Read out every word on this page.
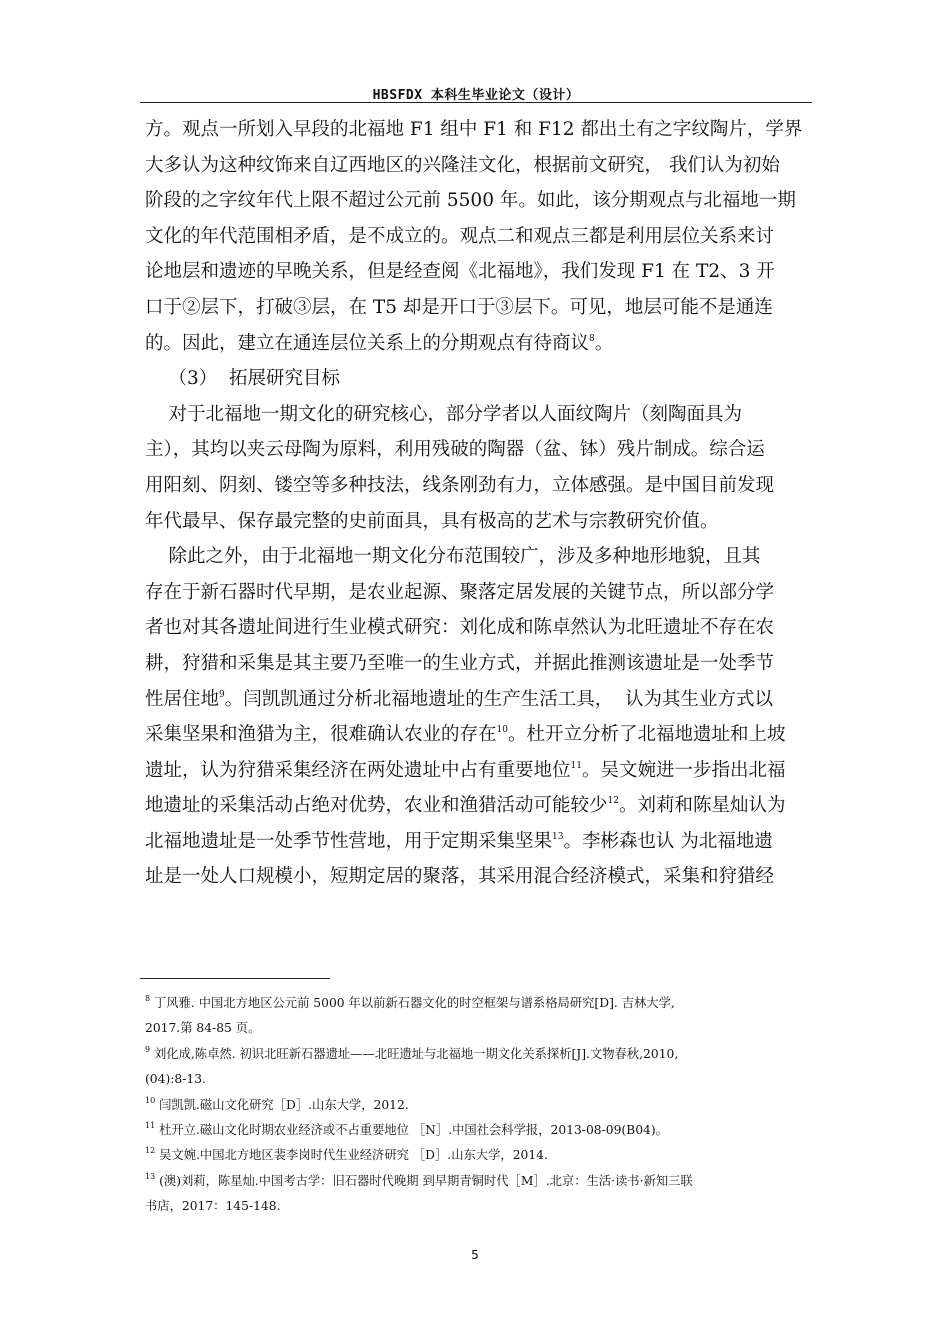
HBSFDX 本科生毕业论文（设计）
方。观点一所划入早段的北福地 F1 组中 F1 和 F12 都出土有之字纹陶片，学界
大多认为这种纹饰来自辽西地区的兴隆洼文化，根据前文研究， 我们认为初始
阶段的之字纹年代上限不超过公元前 5500 年。如此，该分期观点与北福地一期
文化的年代范围相矛盾，是不成立的。观点二和观点三都是利用层位关系来讨
论地层和遗迹的早晚关系，但是经查阅《北福地》，我们发现 F1 在 T2、3 开
口于②层下，打破③层，在 T5 却是开口于③层下。可见，地层可能不是通连
的。因此，建立在通连层位关系上的分期观点有待商议$^8$。
（3）  拓展研究目标
对于北福地一期文化的研究核心，部分学者以人面纹陶片（刻陶面具为
主），其均以夹云母陶为原料，利用残破的陶器（盆、钵）残片制成。综合运
用阳刻、阴刻、镂空等多种技法，线条刚劲有力，立体感强。是中国目前发现
年代最早、保存最完整的史前面具，具有极高的艺术与宗教研究价值。
除此之外，由于北福地一期文化分布范围较广，涉及多种地形地貌，且其
存在于新石器时代早期，是农业起源、聚落定居发展的关键节点，所以部分学
者也对其各遗址间进行生业模式研究：刘化成和陈卓然认为北旺遗址不存在农
耕，狩猎和采集是其主要乃至唯一的生业方式，并据此推测该遗址是一处季节
性居住地$^9$。闫凯凯通过分析北福地遗址的生产生活工具，  认为其生业方式以
采集坚果和渔猎为主，很难确认农业的存在$^{10}$。杜开立分析了北福地遗址和上坡
遗址，认为狩猎采集经济在两处遗址中占有重要地位$^{11}$。吴文婉进一步指出北福
地遗址的采集活动占绝对优势，农业和渔猎活动可能较少$^{12}$。刘莉和陈星灿认为
北福地遗址是一处季节性营地，用于定期采集坚果$^{13}$。李彬森也认 为北福地遗
址是一处人口规模小，短期定居的聚落，其采用混合经济模式，采集和狩猎经
$^8$ 丁风雅. 中国北方地区公元前 5000 年以前新石器文化的时空框架与谱系格局研究[D]. 吉林大学,
2017.第 84-85 页。
$^9$ 刘化成,陈卓然. 初识北旺新石器遗址——北旺遗址与北福地一期文化关系探析[J].文物春秋,2010,
(04):8-13.
$^{10}$ 闫凯凯.磁山文化研究［D］.山东大学，2012.
$^{11}$ 杜开立.磁山文化时期农业经济或不占重要地位 ［N］.中国社会科学报，2013-08-09(B04)。
$^{12}$ 吴文婉.中国北方地区裴李岗时代生业经济研究 ［D］.山东大学，2014.
$^{13}$ (澳)刘莉，陈星灿.中国考古学：旧石器时代晚期 到早期青铜时代［M］.北京：生活·读书·新知三联
书店，2017：145-148.
5
